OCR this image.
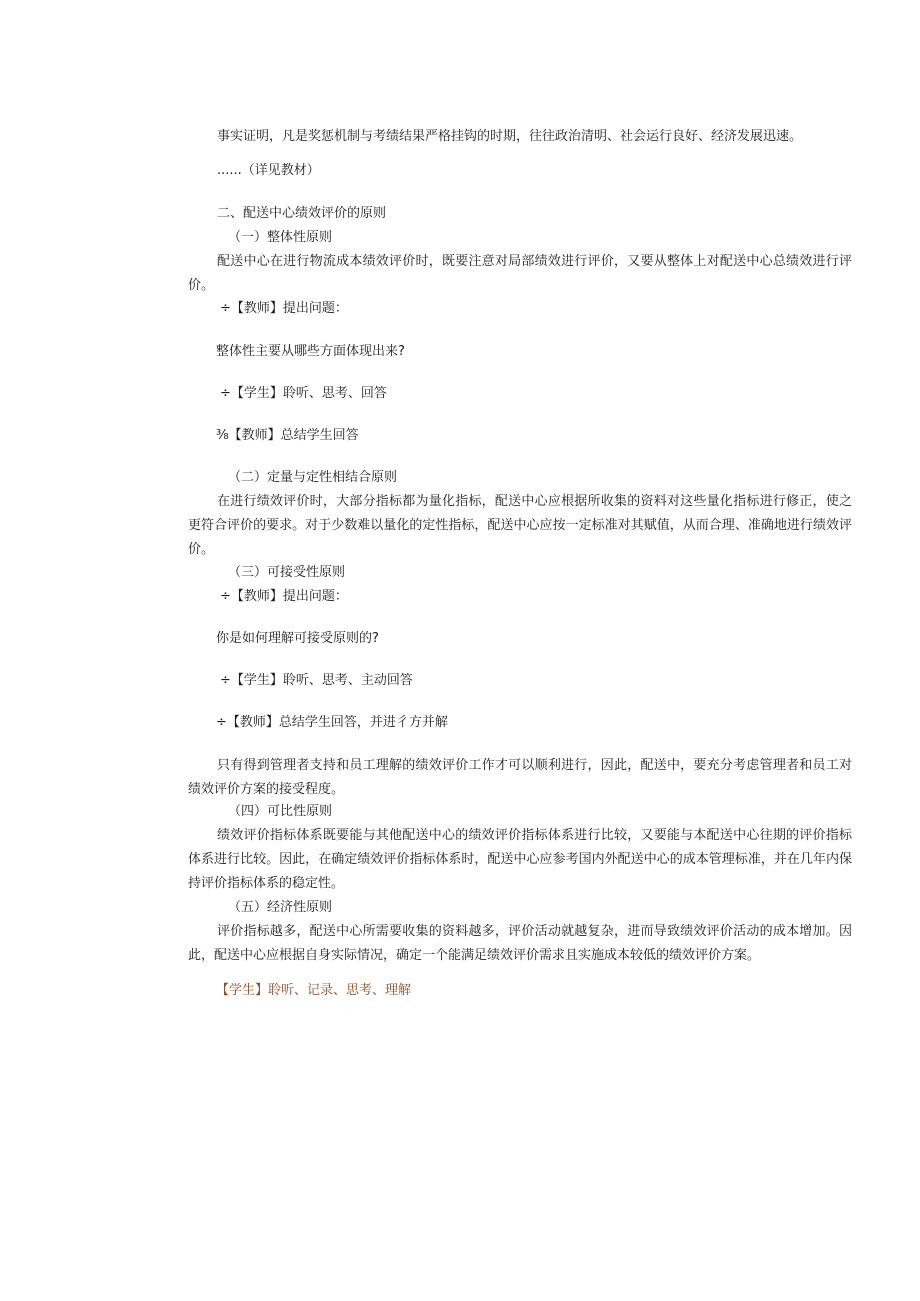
事实证明，凡是奖惩机制与考绩结果严格挂钩的时期，往往政治清明、社会运行良好、经济发展迅速。

......（详见教材）

二、配送中心绩效评价的原则

（一）整体性原则

配送中心在进行物流成本绩效评价时，既要注意对局部绩效进行评价，又要从整体上对配送中心总绩效进行评价。

÷【教师】提出问题：

整体性主要从哪些方面体现出来?

÷【学生】聆听、思考、回答

⅜【教师】总结学生回答

（二）定量与定性相结合原则

在进行绩效评价时，大部分指标都为量化指标，配送中心应根据所收集的资料对这些量化指标进行修正，使之更符合评价的要求。对于少数难以量化的定性指标，配送中心应按一定标准对其赋值，从而合理、准确地进行绩效评价。

（三）可接受性原则

÷【教师】提出问题：

你是如何理解可接受原则的?

÷【学生】聆听、思考、主动回答

÷【教师】总结学生回答，并进彳方并解

只有得到管理者支持和员工理解的绩效评价工作才可以顺利进行，因此，配送中，要充分考虑管理者和员工对绩效评价方案的接受程度。

（四）可比性原则

绩效评价指标体系既要能与其他配送中心的绩效评价指标体系进行比较，又要能与本配送中心往期的评价指标体系进行比较。因此，在确定绩效评价指标体系时，配送中心应参考国内外配送中心的成本管理标准，并在几年内保持评价指标体系的稳定性。

（五）经济性原则

评价指标越多，配送中心所需要收集的资料越多，评价活动就越复杂，进而导致绩效评价活动的成本增加。因此，配送中心应根据自身实际情况，确定一个能满足绩效评价需求且实施成本较低的绩效评价方案。

【学生】聆听、记录、思考、理解
